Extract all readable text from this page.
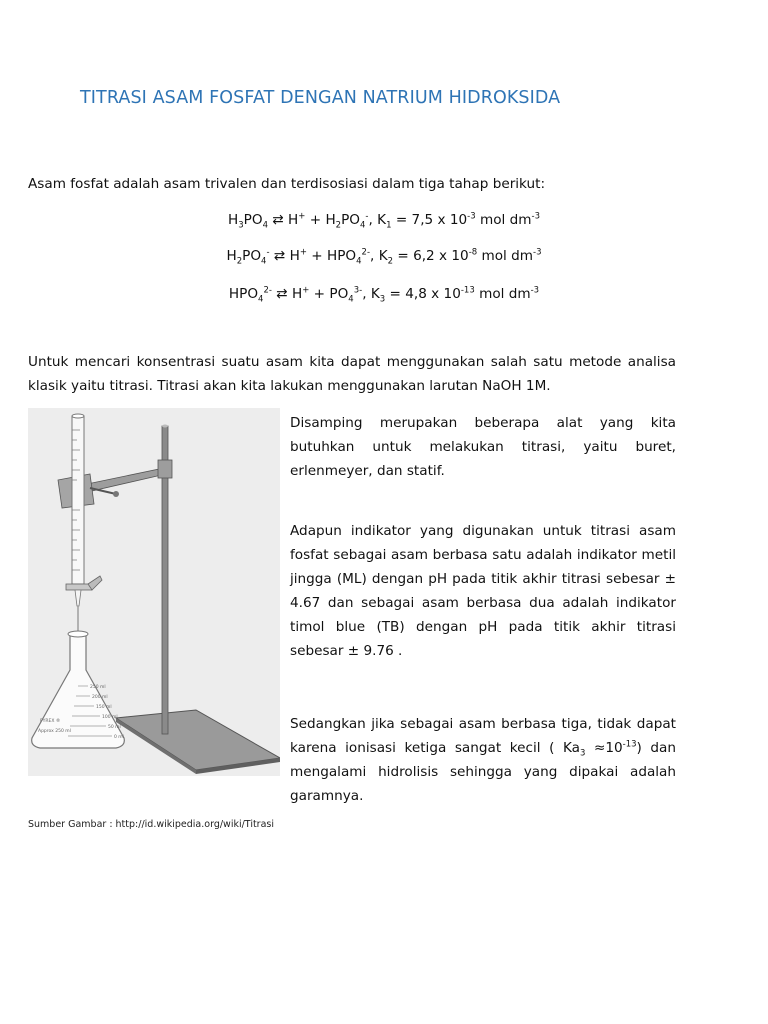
TITRASI ASAM FOSFAT DENGAN NATRIUM HIDROKSIDA
Asam fosfat adalah asam trivalen dan terdisosiasi dalam tiga tahap berikut:
$H_3PO_4$ ⇄ $H^+ + H_2PO_4^-$, $K_1 = 7,5$ x $10^{-3}$ mol $dm^{-3}$
$H_2PO_4^-$ ⇄ $H^+ + HPO_4^{2-}$, $K_2 = 6,2$ x $10^{-8}$ mol $dm^{-3}$
$HPO_4^{2-}$ ⇄ $H^+ + PO_4^{3-}$, $K_3 = 4,8$ x $10^{-13}$ mol $dm^{-3}$
Untuk mencari konsentrasi suatu asam kita dapat menggunakan salah satu metode analisa klasik yaitu titrasi. Titrasi akan kita lakukan menggunakan larutan NaOH 1M.
250 ml
200 ml
150 ml
100 ml
50 ml
0 ml
PYREX ®
Approx 250 ml
Disamping merupakan beberapa alat yang kita butuhkan untuk melakukan titrasi, yaitu buret, erlenmeyer, dan statif.
Adapun indikator yang digunakan untuk titrasi asam fosfat sebagai asam berbasa satu adalah indikator metil jingga (ML) dengan pH pada titik akhir titrasi sebesar ± 4.67 dan sebagai asam berbasa dua adalah indikator timol blue (TB) dengan pH pada titik akhir titrasi sebesar ± 9.76 .
Sedangkan jika sebagai asam berbasa tiga, tidak dapat karena ionisasi ketiga sangat kecil ( $Ka_3 \approx 10^{-13}$) dan mengalami hidrolisis sehingga yang dipakai adalah garamnya.
Sumber Gambar : http://id.wikipedia.org/wiki/Titrasi
